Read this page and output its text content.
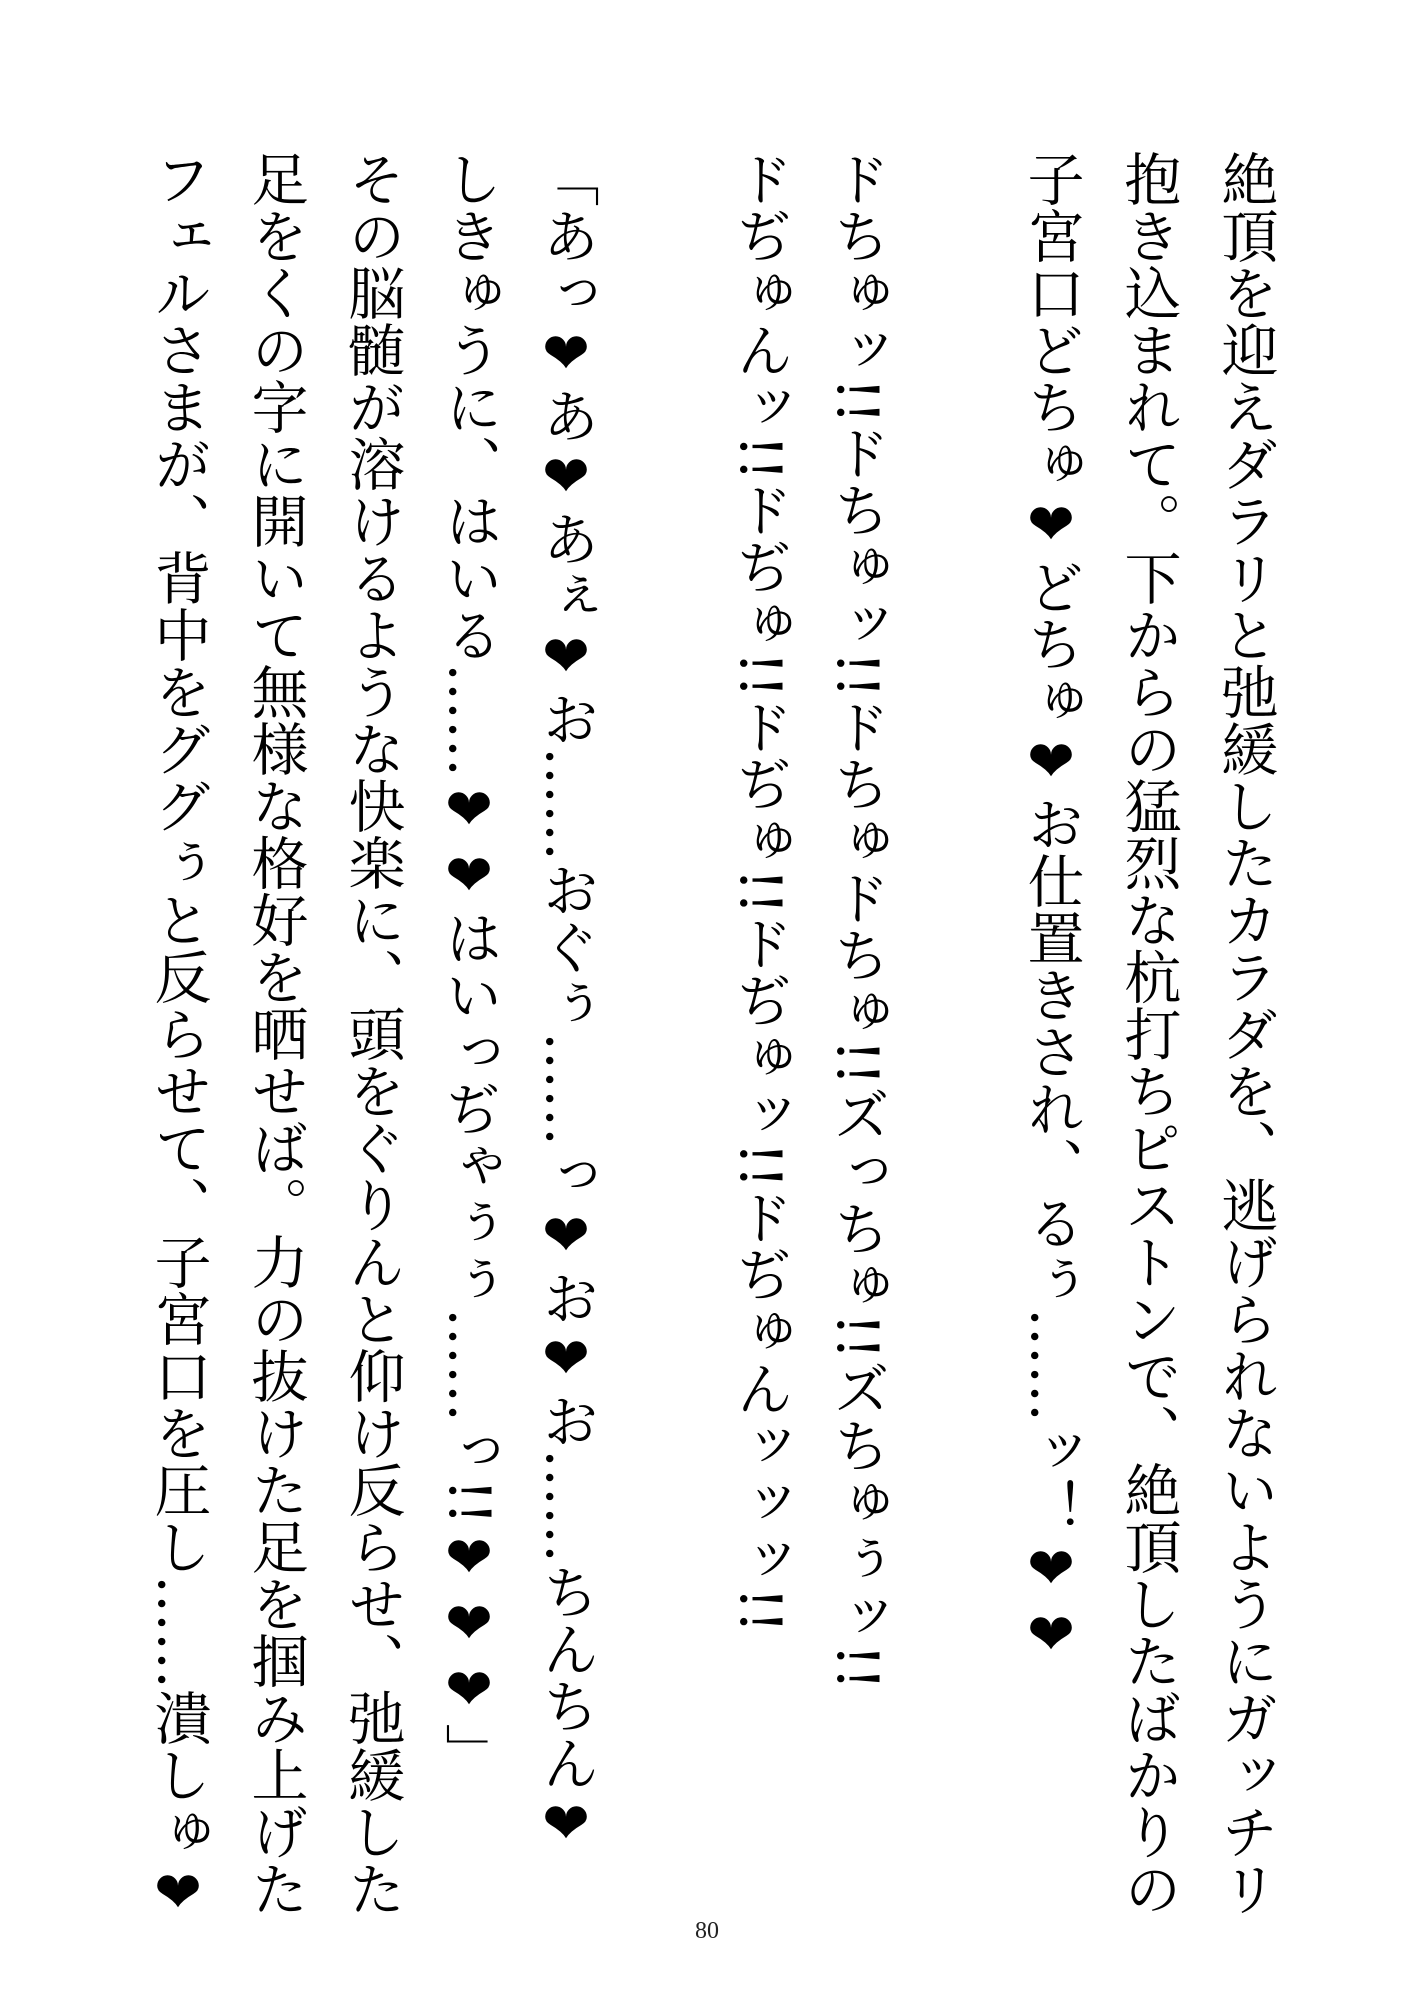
絶頂を迎えダラリと弛緩したカラダを、逃げられないようにガッチリ
抱き込まれて。下からの猛烈な杭打ちピストンで、絶頂したばかりの
子宮口どちゅ❤どちゅ❤お仕置きされ、るぅ……ッ！❤❤
ドちゅッ!!ドちゅッ!!ドちゅドちゅ!!ズっちゅ!!ズちゅぅッ!!
ドぢゅんッ!!ドぢゅ!!ドぢゅ!!ドぢゅッ!!ドぢゅんッッッ!!
「あっ❤あ❤あぇ❤お……おぐぅ……っ❤お❤お……ちんちん❤
しきゅうに、はいる……❤❤はいっぢゃぅぅ……っ!!❤❤❤」
その脳髄が溶けるような快楽に、頭をぐりんと仰け反らせ、弛緩した
足をくの字に開いて無様な格好を晒せば。力の抜けた足を掴み上げた
フェルさまが、背中をググぅと反らせて、子宮口を圧し……潰しゅ❤
80
